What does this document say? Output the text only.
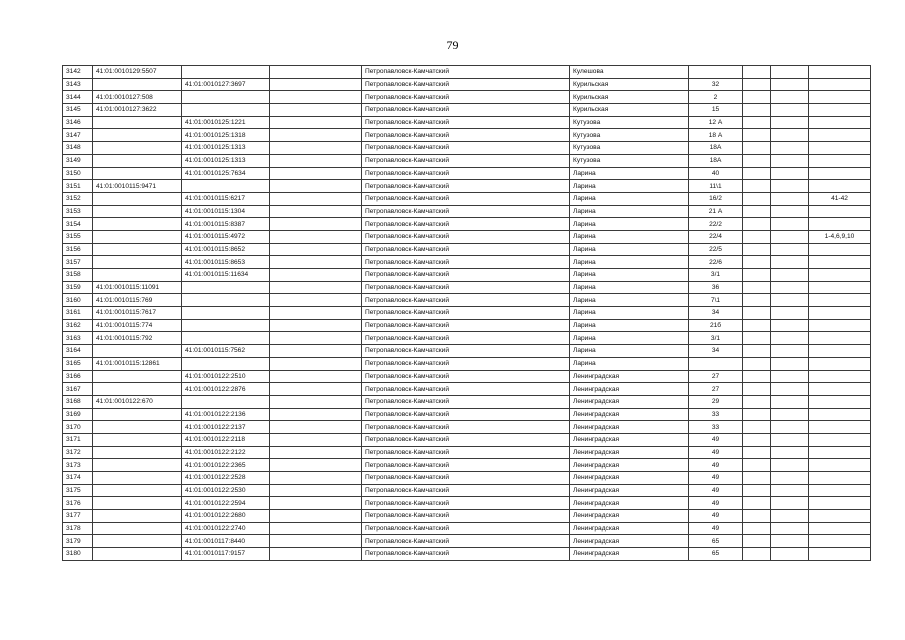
79
3142	41:01:0010129:5507			Петропавловск-Камчатский	Кулешова				
3143		41:01:0010127:3697		Петропавловск-Камчатский	Курильская	32			
3144	41:01:0010127:508			Петропавловск-Камчатский	Курильская	2			
3145	41:01:0010127:3622			Петропавловск-Камчатский	Курильская	15			
3146		41:01:0010125:1221		Петропавловск-Камчатский	Кутузова	12 А			
3147		41:01:0010125:1318		Петропавловск-Камчатский	Кутузова	18 А			
3148		41:01:0010125:1313		Петропавловск-Камчатский	Кутузова	18А			
3149		41:01:0010125:1313		Петропавловск-Камчатский	Кутузова	18А			
3150		41:01:0010125:7634		Петропавловск-Камчатский	Ларина	40			
3151	41:01:0010115:9471			Петропавловск-Камчатский	Ларина	11\1			
3152		41:01:0010115:6217		Петропавловск-Камчатский	Ларина	16/2			41-42
3153		41:01:0010115:1304		Петропавловск-Камчатский	Ларина	21 А			
3154		41:01:0010115:8387		Петропавловск-Камчатский	Ларина	22/2			
3155		41:01:0010115:4972		Петропавловск-Камчатский	Ларина	22/4			1-4,6,9,10
3156		41:01:0010115:8652		Петропавловск-Камчатский	Ларина	22/5			
3157		41:01:0010115:8653		Петропавловск-Камчатский	Ларина	22/6			
3158		41:01:0010115:11634		Петропавловск-Камчатский	Ларина	3/1			
3159	41:01:0010115:11091			Петропавловск-Камчатский	Ларина	36			
3160	41:01:0010115:769			Петропавловск-Камчатский	Ларина	7\1			
3161	41:01:0010115:7617			Петропавловск-Камчатский	Ларина	34			
3162	41:01:0010115:774			Петропавловск-Камчатский	Ларина	21б			
3163	41:01:0010115:792			Петропавловск-Камчатский	Ларина	3/1			
3164		41:01:0010115:7562		Петропавловск-Камчатский	Ларина	34			
3165	41:01:0010115:12861			Петропавловск-Камчатский	Ларина				
3166		41:01:0010122:2510		Петропавловск-Камчатский	Ленинградская	27			
3167		41:01:0010122:2876		Петропавловск-Камчатский	Ленинградская	27			
3168	41:01:0010122:670			Петропавловск-Камчатский	Ленинградская	29			
3169		41:01:0010122:2136		Петропавловск-Камчатский	Ленинградская	33			
3170		41:01:0010122:2137		Петропавловск-Камчатский	Ленинградская	33			
3171		41:01:0010122:2118		Петропавловск-Камчатский	Ленинградская	49			
3172		41:01:0010122:2122		Петропавловск-Камчатский	Ленинградская	49			
3173		41:01:0010122:2365		Петропавловск-Камчатский	Ленинградская	49			
3174		41:01:0010122:2528		Петропавловск-Камчатский	Ленинградская	49			
3175		41:01:0010122:2530		Петропавловск-Камчатский	Ленинградская	49			
3176		41:01:0010122:2594		Петропавловск-Камчатский	Ленинградская	49			
3177		41:01:0010122:2680		Петропавловск-Камчатский	Ленинградская	49			
3178		41:01:0010122:2740		Петропавловск-Камчатский	Ленинградская	49			
3179		41:01:0010117:8440		Петропавловск-Камчатский	Ленинградская	65			
3180		41:01:0010117:9157		Петропавловск-Камчатский	Ленинградская	65			
